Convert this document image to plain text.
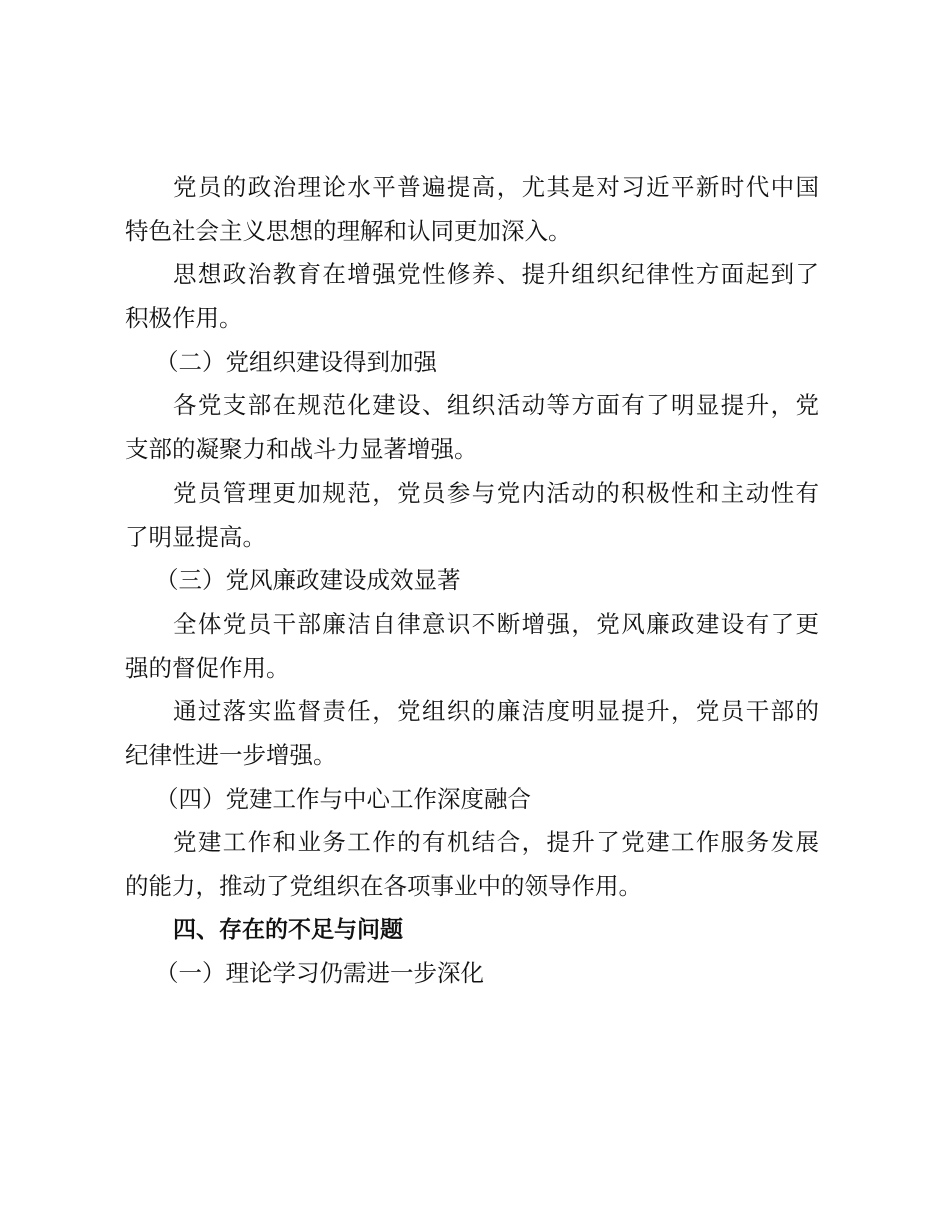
党员的政治理论水平普遍提高，尤其是对习近平新时代中国
特色社会主义思想的理解和认同更加深入。
思想政治教育在增强党性修养、提升组织纪律性方面起到了
积极作用。
（二）党组织建设得到加强
各党支部在规范化建设、组织活动等方面有了明显提升，党
支部的凝聚力和战斗力显著增强。
党员管理更加规范，党员参与党内活动的积极性和主动性有
了明显提高。
（三）党风廉政建设成效显著
全体党员干部廉洁自律意识不断增强，党风廉政建设有了更
强的督促作用。
通过落实监督责任，党组织的廉洁度明显提升，党员干部的
纪律性进一步增强。
（四）党建工作与中心工作深度融合
党建工作和业务工作的有机结合，提升了党建工作服务发展
的能力，推动了党组织在各项事业中的领导作用。
四、存在的不足与问题
（一）理论学习仍需进一步深化
